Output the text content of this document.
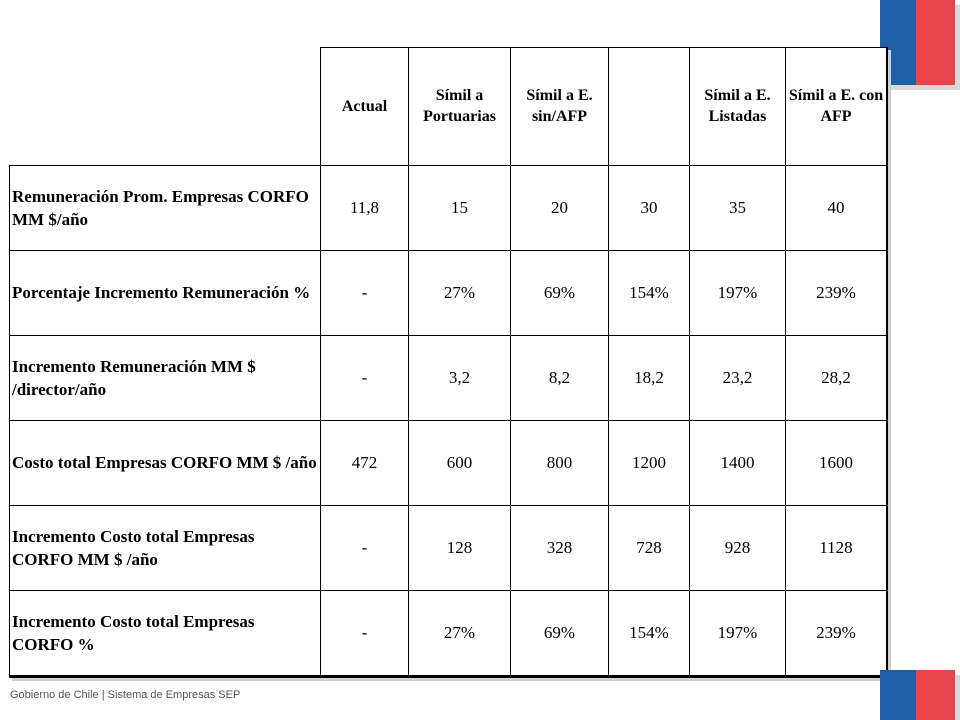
	Actual	Símil a Portuarias	Símil a E. sin/AFP		Símil a E. Listadas	Símil a E. con AFP
Remuneración Prom. Empresas CORFO MM $/año	11,8	15	20	30	35	40
Porcentaje Incremento Remuneración %	-	27%	69%	154%	197%	239%
Incremento Remuneración MM $ /director/año	-	3,2	8,2	18,2	23,2	28,2
Costo total Empresas CORFO MM $ /año	472	600	800	1200	1400	1600
Incremento Costo total Empresas CORFO MM $ /año	-	128	328	728	928	1128
Incremento Costo total Empresas CORFO %	-	27%	69%	154%	197%	239%
Gobierno de Chile | Sistema de Empresas SEP
